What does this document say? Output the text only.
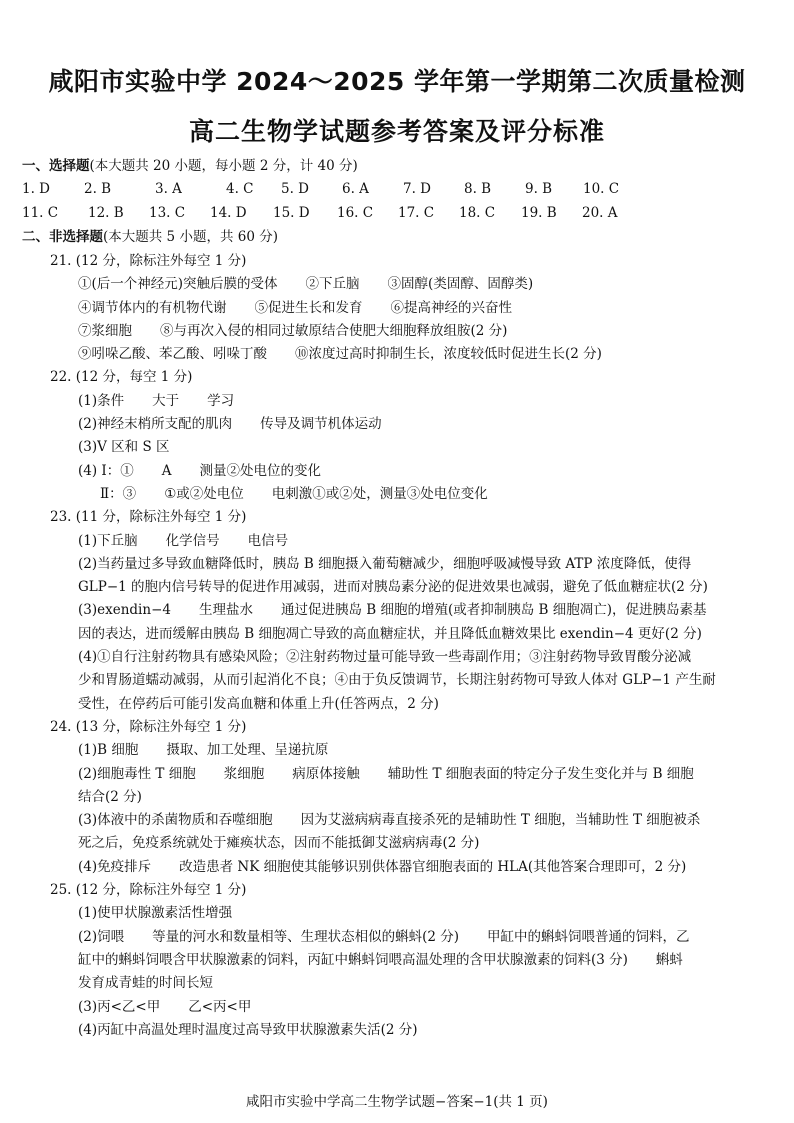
咸阳市实验中学 2024～2025 学年第一学期第二次质量检测
高二生物学试题参考答案及评分标准
一、选择题(本大题共 20 小题，每小题 2 分，计 40 分)
1. D	2. B	3. A	4. C 5. D 6. A	7. D 8. B	9. B 10. C
11. C 12. B 13. C 14. D 15. D 16. C 17. C 18. C 19. B 20. A
二、非选择题(本大题共 5 小题，共 60 分)
21. (12 分，除标注外每空 1 分)
①(后一个神经元)突触后膜的受体 ②下丘脑 ③固醇(类固醇、固醇类)
④调节体内的有机物代谢 ⑤促进生长和发育 ⑥提高神经的兴奋性
⑦浆细胞 ⑧与再次入侵的相同过敏原结合使肥大细胞释放组胺(2 分)
⑨吲哚乙酸、苯乙酸、吲哚丁酸 ⑩浓度过高时抑制生长，浓度较低时促进生长(2 分)
22. (12 分，每空 1 分)
(1)条件 大于 学习
(2)神经末梢所支配的肌肉 传导及调节机体运动
(3)V 区和 S 区
(4) Ⅰ：① A 测量②处电位的变化
Ⅱ：③ ①或②处电位 电刺激①或②处，测量③处电位变化
23. (11 分，除标注外每空 1 分)
(1)下丘脑 化学信号 电信号
(2)当药量过多导致血糖降低时，胰岛 B 细胞摄入葡萄糖减少，细胞呼吸减慢导致 ATP 浓度降低，使得
GLP−1 的胞内信号转导的促进作用减弱，进而对胰岛素分泌的促进效果也减弱，避免了低血糖症状(2 分)
(3)exendin−4 生理盐水 通过促进胰岛 B 细胞的增殖(或者抑制胰岛 B 细胞凋亡)，促进胰岛素基
因的表达，进而缓解由胰岛 B 细胞凋亡导致的高血糖症状，并且降低血糖效果比 exendin−4 更好(2 分)
(4)①自行注射药物具有感染风险；②注射药物过量可能导致一些毒副作用；③注射药物导致胃酸分泌减
少和胃肠道蠕动减弱，从而引起消化不良；④由于负反馈调节，长期注射药物可导致人体对 GLP−1 产生耐
受性，在停药后可能引发高血糖和体重上升(任答两点，2 分)
24. (13 分，除标注外每空 1 分)
(1)B 细胞 摄取、加工处理、呈递抗原
(2)细胞毒性 T 细胞 浆细胞 病原体接触 辅助性 T 细胞表面的特定分子发生变化并与 B 细胞
结合(2 分)
(3)体液中的杀菌物质和吞噬细胞 因为艾滋病病毒直接杀死的是辅助性 T 细胞，当辅助性 T 细胞被杀
死之后，免疫系统就处于瘫痪状态，因而不能抵御艾滋病病毒(2 分)
(4)免疫排斥 改造患者 NK 细胞使其能够识别供体器官细胞表面的 HLA(其他答案合理即可，2 分)
25. (12 分，除标注外每空 1 分)
(1)使甲状腺激素活性增强
(2)饲喂 等量的河水和数量相等、生理状态相似的蝌蚪(2 分) 甲缸中的蝌蚪饲喂普通的饲料，乙
缸中的蝌蚪饲喂含甲状腺激素的饲料，丙缸中蝌蚪饲喂高温处理的含甲状腺激素的饲料(3 分) 蝌蚪
发育成青蛙的时间长短
(3)丙<乙<甲 乙<丙<甲
(4)丙缸中高温处理时温度过高导致甲状腺激素失活(2 分)
咸阳市实验中学高二生物学试题−答案−1(共 1 页)
